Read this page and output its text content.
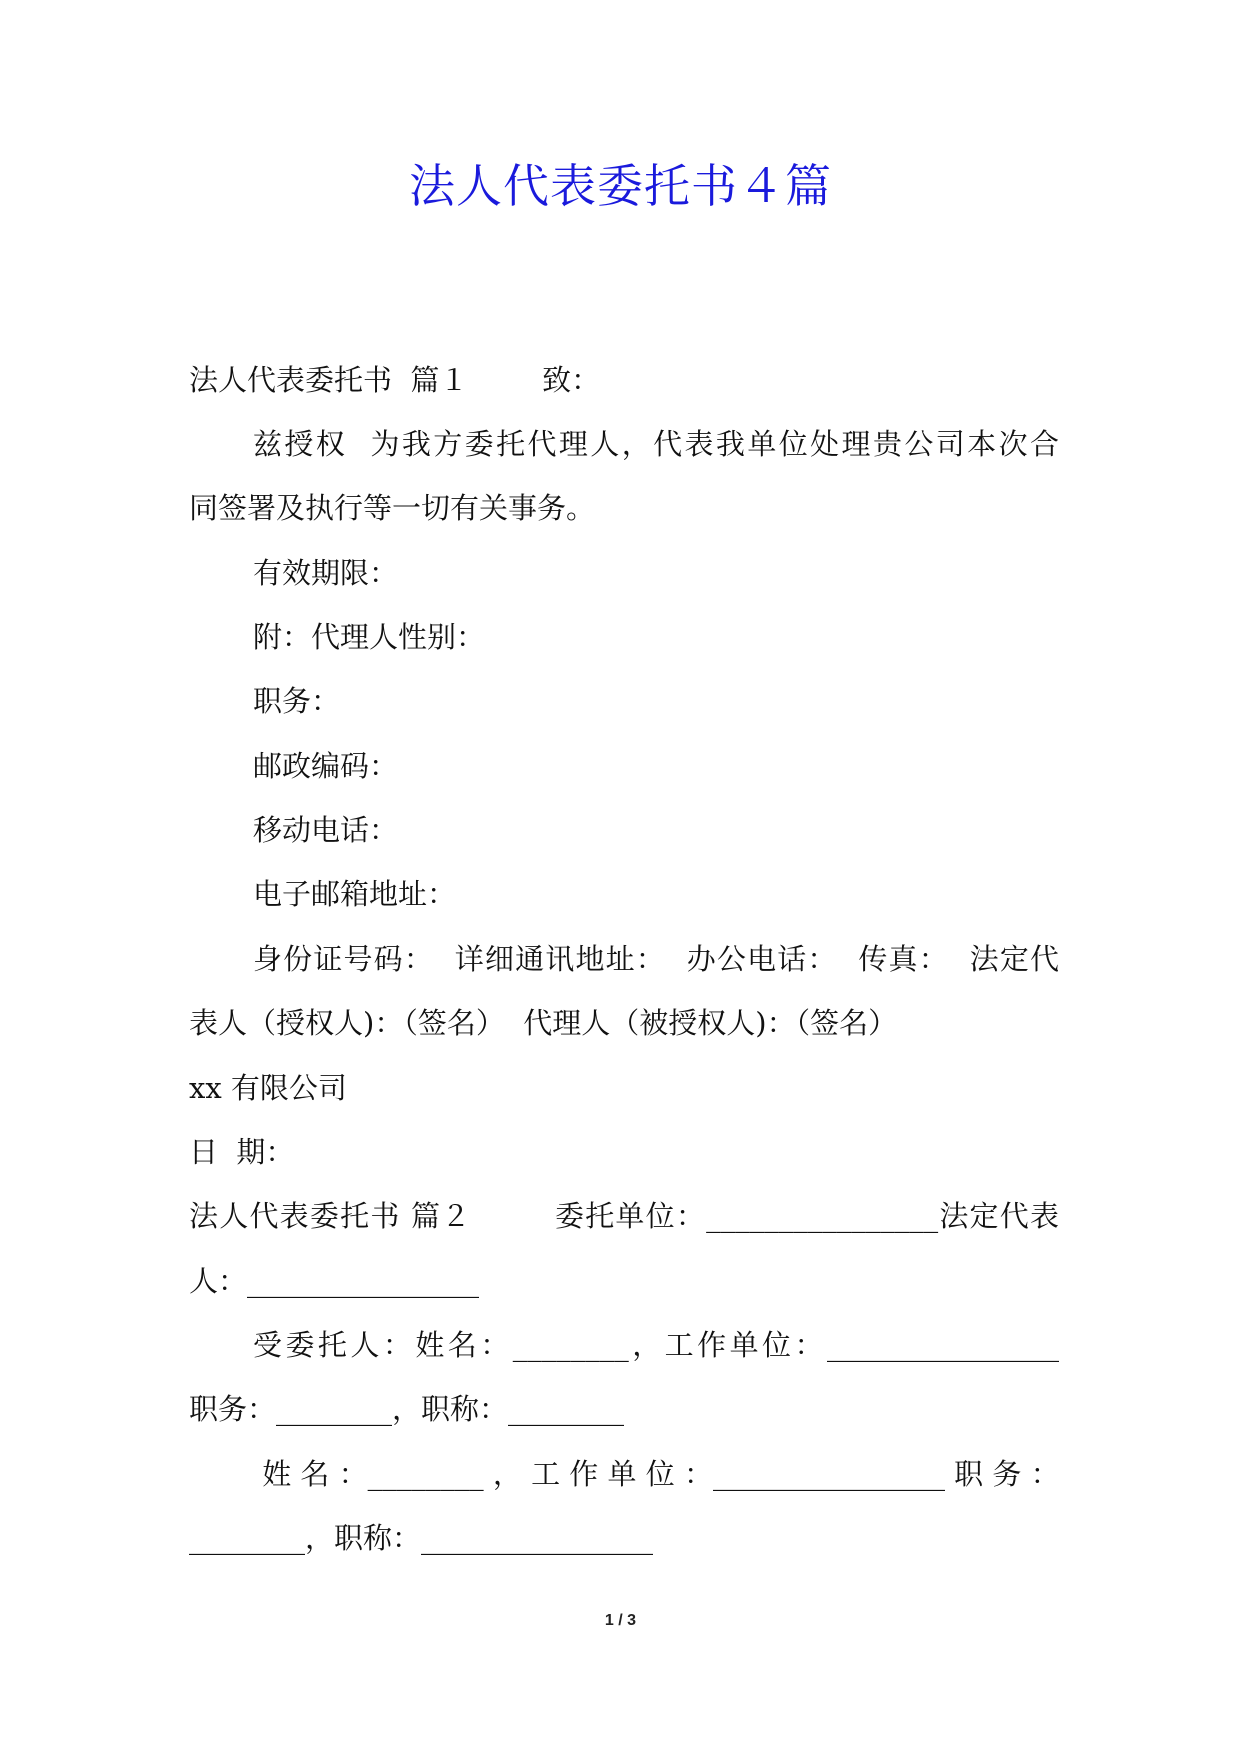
法人代表委托书４篇
法人代表委托书  篇１        致：
兹授权  为我方委托代理人，代表我单位处理贵公司本次合
同签署及执行等一切有关事务。
有效期限：
附：代理人性别：
职务：
邮政编码：
移动电话：
电子邮箱地址：
身份证号码：  详细通讯地址：  办公电话：  传真：  法定代
表人（授权人)：（签名）  代理人（被授权人)：（签名）
xx 有限公司
日  期：
法人代表委托书 篇２        委托单位：________________法定代表
人：________________
受委托人：姓名：________，工作单位：________________
职务：________，职称：________
姓 名 ：________ ， 工 作 单 位 ：________________ 职 务 ：
________，职称：________________
1 / 3
